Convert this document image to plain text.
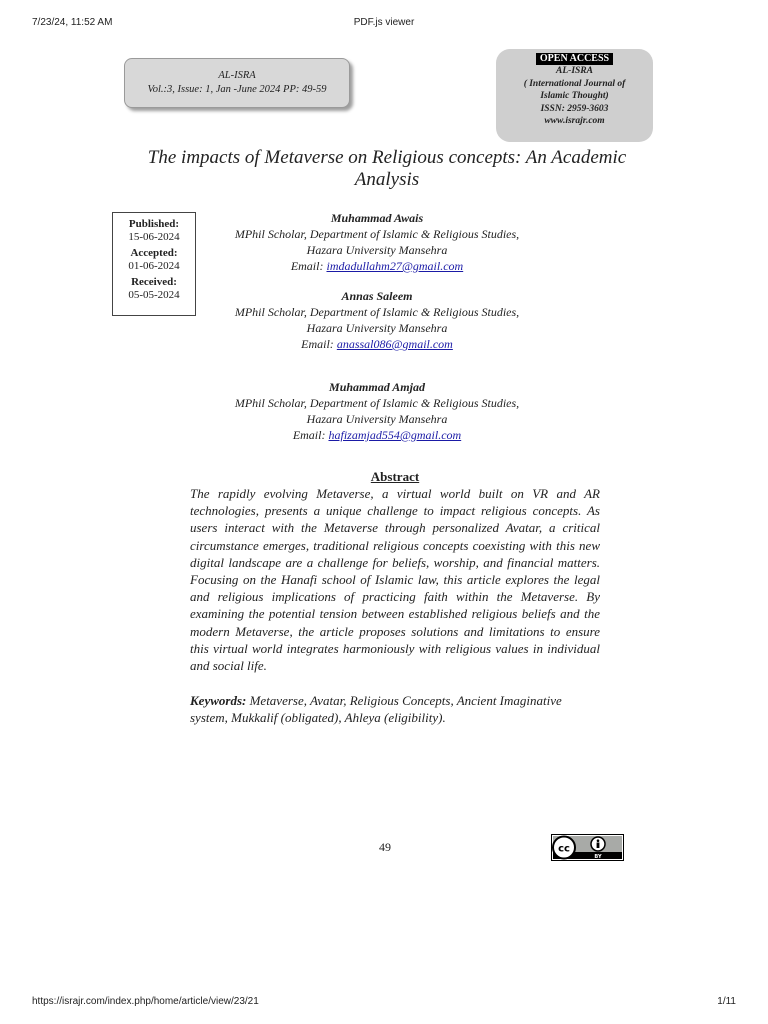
7/23/24, 11:52 AM	PDF.js viewer
AL-ISRA
Vol.:3, Issue: 1, Jan -June 2024 PP: 49-59
OPEN ACCESS
AL-ISRA
( International Journal of
Islamic Thought)
ISSN: 2959-3603
www.israjr.com
The impacts of Metaverse on Religious concepts: An Academic Analysis
Published:
15-06-2024
Accepted:
01-06-2024
Received:
05-05-2024
Muhammad Awais
MPhil Scholar, Department of Islamic & Religious Studies,
Hazara University Mansehra
Email: imdadullahm27@gmail.com
Annas Saleem
MPhil Scholar, Department of Islamic & Religious Studies,
Hazara University Mansehra
Email: anassal086@gmail.com
Muhammad Amjad
MPhil Scholar, Department of Islamic & Religious Studies,
Hazara University Mansehra
Email: hafizamjad554@gmail.com
Abstract

The rapidly evolving Metaverse, a virtual world built on VR and AR technologies, presents a unique challenge to impact religious concepts. As users interact with the Metaverse through personalized Avatar, a critical circumstance emerges, traditional religious concepts coexisting with this new digital landscape are a challenge for beliefs, worship, and financial matters. Focusing on the Hanafi school of Islamic law, this article explores the legal and religious implications of practicing faith within the Metaverse. By examining the potential tension between established religious beliefs and the modern Metaverse, the article proposes solutions and limitations to ensure this virtual world integrates harmoniously with religious values in individual and social life.

Keywords: Metaverse, Avatar, Religious Concepts, Ancient Imaginative system, Mukkalif (obligated), Ahleya (eligibility).

49	cc
BY
https://israjr.com/index.php/home/article/view/23/21	1/11
